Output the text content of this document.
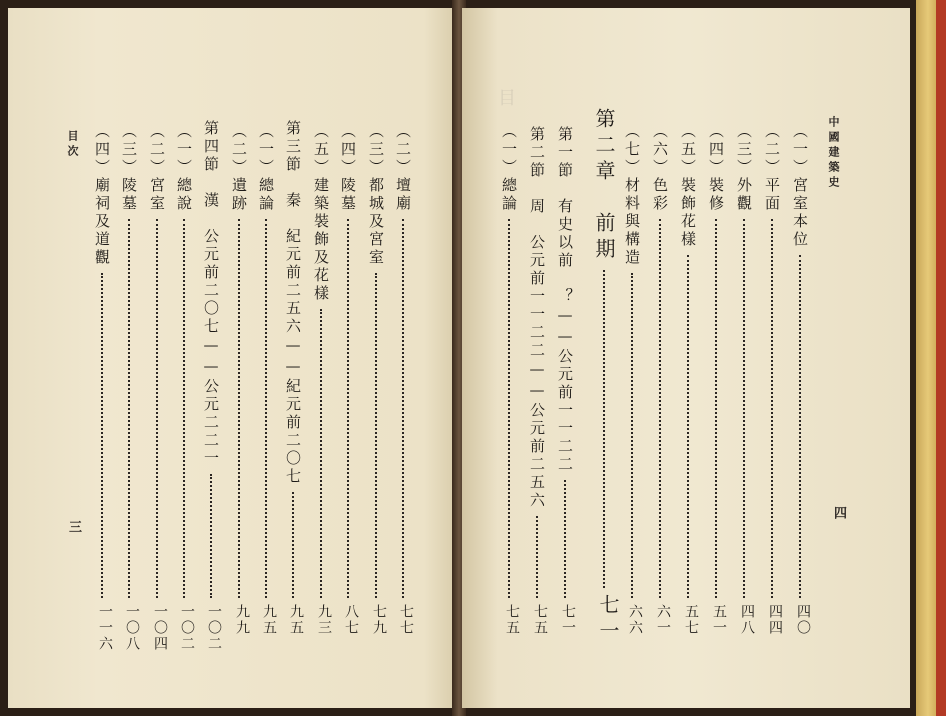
目次
三
（二）壇廟
七七
（三）都城及宮室
七九
（四）陵墓
八七
（五）建築裝飾及花樣
九三
第三節　秦　紀元前二五六——紀元前二〇七
九五
（一）總論
九五
（二）遺跡
九九
第四節　漢　公元前二〇七——公元二二一
一〇二
（一）總說
一〇二
（二）宮室
一〇四
（三）陵墓
一〇八
（四）廟祠及道觀
一一六
目
中國建築史
四
（一）宮室本位
四〇
（二）平面
四四
（三）外觀
四八
（四）裝修
五一
（五）裝飾花樣
五七
（六）色彩
六一
（七）材料與構造
六六
第二章　前期
七一
第一節　有史以前　？——公元前一一二二
七一
第二節　周　公元前一一二二——公元前二五六
七五
（一）總論
七五
